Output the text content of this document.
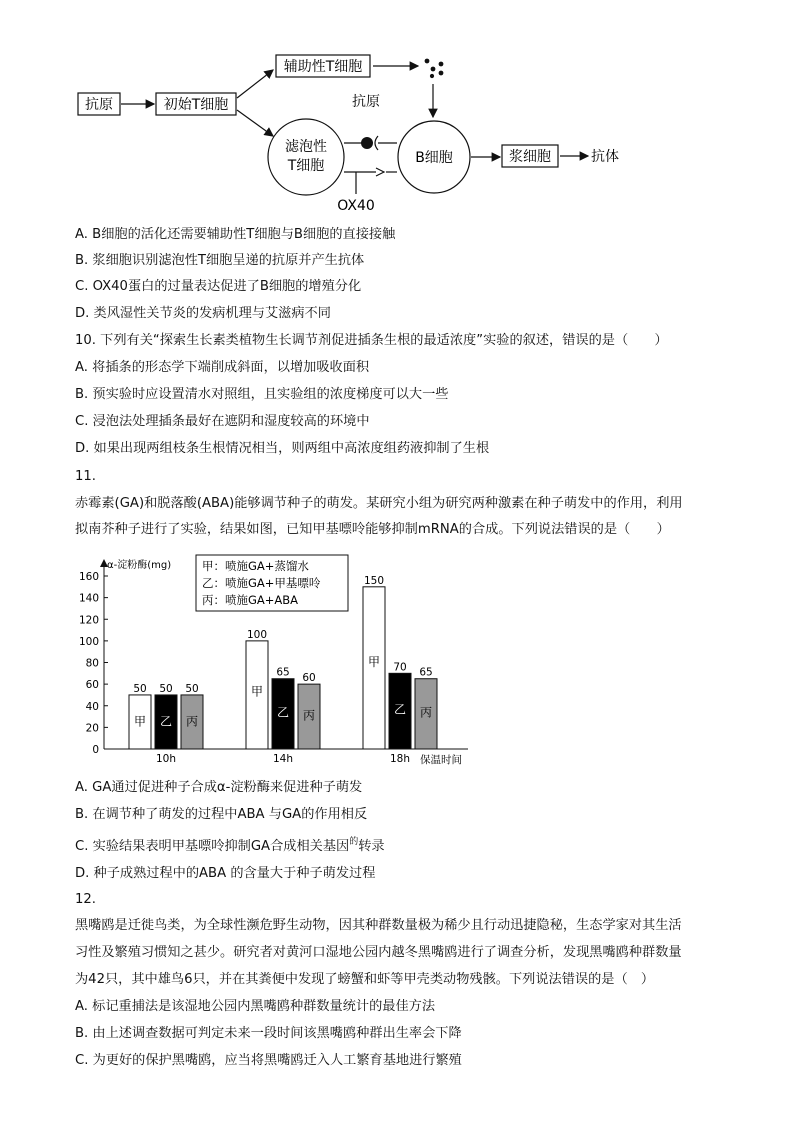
抗原	初始T细胞
辅助性T细胞
滤泡性
T细胞
抗原
OX40
B细胞	浆细胞	抗体
A. B细胞的活化还需要辅助性T细胞与B细胞的直接接触
B. 浆细胞识别滤泡性T细胞呈递的抗原并产生抗体
C. OX40蛋白的过量表达促进了B细胞的增殖分化
D. 类风湿性关节炎的发病机理与艾滋病不同
10. 下列有关“探索生长素类植物生长调节剂促进插条生根的最适浓度”实验的叙述，错误的是（　　）
A. 将插条的形态学下端削成斜面，以增加吸收面积
B. 预实验时应设置清水对照组，且实验组的浓度梯度可以大一些
C. 浸泡法处理插条最好在遮阴和湿度较高的环境中
D. 如果出现两组枝条生根情况相当，则两组中高浓度组药液抑制了生根
11.
赤霉素(GA)和脱落酸(ABA)能够调节种子的萌发。某研究小组为研究两种激素在种子萌发中的作用，利用
拟南芥种子进行了实验，结果如图，已知甲基嘌呤能够抑制mRNA的合成。下列说法错误的是（　　）
α-淀粉酶(mg)
保温时间
0
20
40
60
80
100
120
140
160
50
甲
50
乙
50
丙
10h
100
甲
65
乙
60
丙
14h
150
甲 70
乙
65
丙
18h
甲：喷施GA+蒸馏水
乙：喷施GA+甲基嘌呤
丙：喷施GA+ABA
A. GA通过促进种子合成α-淀粉酶来促进种子萌发
B. 在调节种了萌发的过程中ABA 与GA的作用相反
C. 实验结果表明甲基嘌呤抑制GA合成相关基因$^的$转录
D. 种子成熟过程中的ABA 的含量大于种子萌发过程
12.
黑嘴鸥是迁徙鸟类，为全球性濒危野生动物，因其种群数量极为稀少且行动迅捷隐秘，生态学家对其生活
习性及繁殖习惯知之甚少。研究者对黄河口湿地公园内越冬黑嘴鸥进行了调查分析，发现黑嘴鸥种群数量
为42只，其中雄鸟6只，并在其粪便中发现了螃蟹和虾等甲壳类动物残骸。下列说法错误的是（　）
A. 标记重捕法是该湿地公园内黑嘴鸥种群数量统计的最佳方法
B. 由上述调查数据可判定未来一段时间该黑嘴鸥种群出生率会下降
C. 为更好的保护黑嘴鸥，应当将黑嘴鸥迁入人工繁育基地进行繁殖
